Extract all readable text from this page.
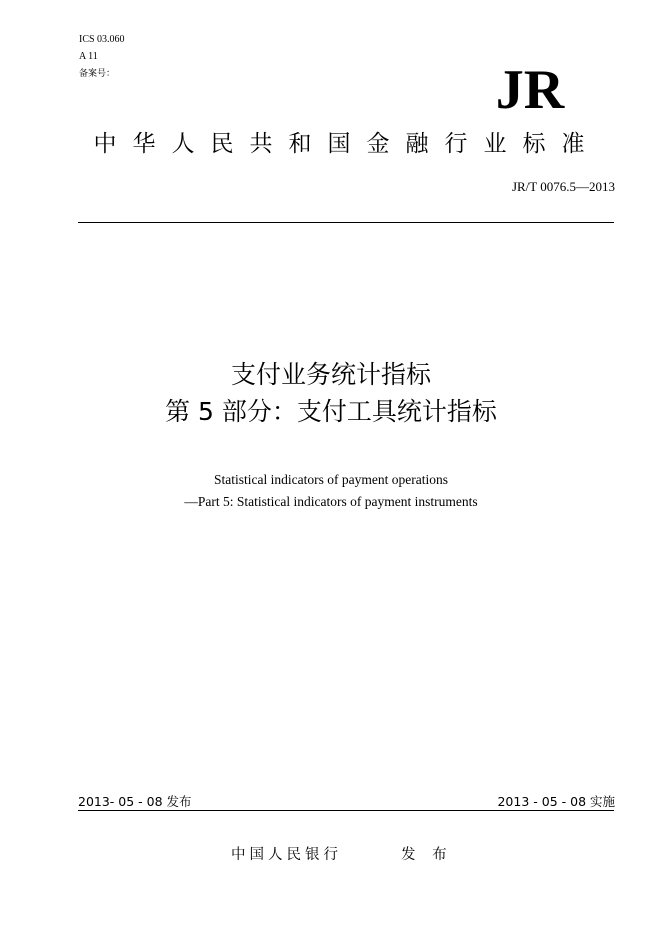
ICS 03.060
A 11
备案号：	JR
中华人民共和国金融行业标准
JR/T 0076.5—2013
支付业务统计指标
第 5 部分：支付工具统计指标
Statistical indicators of payment operations
—Part 5: Statistical indicators of payment instruments
2013- 05 - 08 发布	2013 - 05 - 08 实施
中国人民银行	发 布
